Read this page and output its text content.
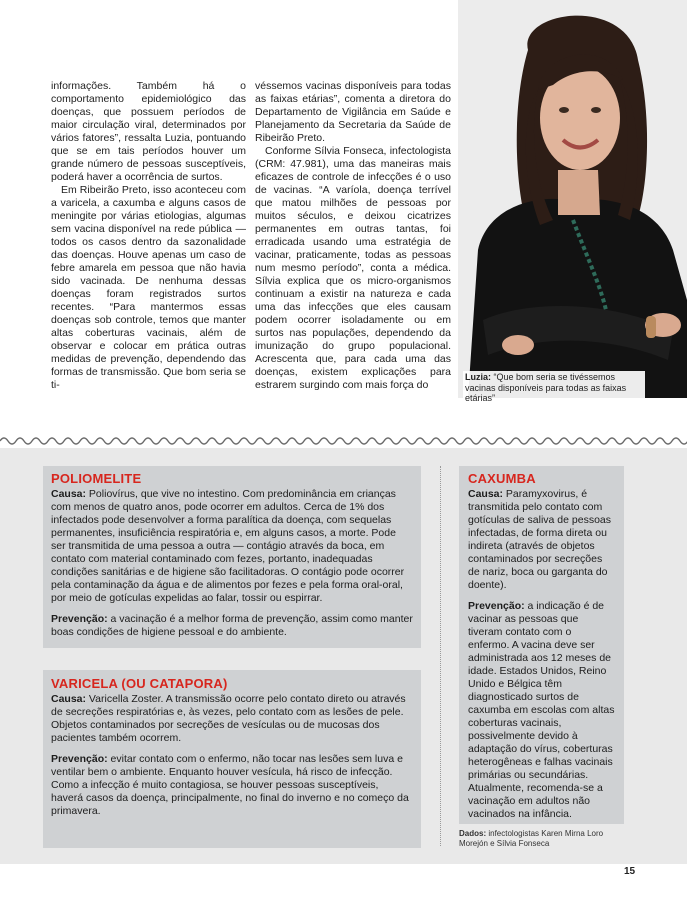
informações. Também há o comportamento epidemiológico das doenças, que possuem períodos de maior circulação viral, determinados por vários fatores”, ressalta Luzia, pontuando que se em tais períodos houver um grande número de pessoas susceptíveis, poderá haver a ocorrência de surtos.

Em Ribeirão Preto, isso aconteceu com a varicela, a caxumba e alguns casos de meningite por várias etiologias, algumas sem vacina disponível na rede pública — todos os casos dentro da sazonalidade das doenças. Houve apenas um caso de febre amarela em pessoa que não havia sido vacinada. De nenhuma dessas doenças foram registrados surtos recentes. “Para mantermos essas doenças sob controle, temos que manter altas coberturas vacinais, além de observar e colocar em prática outras medidas de prevenção, dependendo das formas de transmissão. Que bom seria se ti-

véssemos vacinas disponíveis para todas as faixas etárias”, comenta a diretora do Departamento de Vigilância em Saúde e Planejamento da Secretaria da Saúde de Ribeirão Preto.

Conforme Sílvia Fonseca, infectologista (CRM: 47.981), uma das maneiras mais eficazes de controle de infecções é o uso de vacinas. “A varíola, doença terrível que matou milhões de pessoas por muitos séculos, e deixou cicatrizes permanentes em outras tantas, foi erradicada usando uma estratégia de vacinar, praticamente, todas as pessoas num mesmo período”, conta a médica. Sílvia explica que os micro-organismos continuam a existir na natureza e cada uma das infecções que eles causam podem ocorrer isoladamente ou em surtos nas populações, dependendo da imunização do grupo populacional. Acrescenta que, para cada uma das doenças, existem explicações para estrarem surgindo com mais força do

Luzia: “Que bom seria se tivéssemos vacinas disponíveis para todas as faixas etárias”
POLIOMELITE

Causa: Poliovírus, que vive no intestino. Com predominância em crianças com menos de quatro anos, pode ocorrer em adultos. Cerca de 1% dos infectados pode desenvolver a forma paralítica da doença, com sequelas permanentes, insuficiência respiratória e, em alguns casos, a morte. Pode ser transmitida de uma pessoa a outra — contágio através da boca, em contato com material contaminado com fezes, portanto, inadequadas condições sanitárias e de higiene são facilitadoras. O contágio pode ocorrer pela contaminação da água e de alimentos por fezes e pela forma oral-oral, por meio de gotículas expelidas ao falar, tossir ou espirrar.

Prevenção: a vacinação é a melhor forma de prevenção, assim como manter boas condições de higiene pessoal e do ambiente.

VARICELA (OU CATAPORA)

Causa: Varicella Zoster. A transmissão ocorre pelo contato direto ou através de secreções respiratórias e, às vezes, pelo contato com as lesões de pele. Objetos contaminados por secreções de vesículas ou de mucosas dos pacientes também ocorrem.

Prevenção: evitar contato com o enfermo, não tocar nas lesões sem luva e ventilar bem o ambiente. Enquanto houver vesícula, há risco de infecção. Como a infecção é muito contagiosa, se houver pessoas susceptíveis, haverá casos da doença, principalmente, no final do inverno e no começo da primavera.

CAXUMBA

Causa: Paramyxovirus, é transmitida pelo contato com gotículas de saliva de pessoas infectadas, de forma direta ou indireta (através de objetos contaminados por secreções de nariz, boca ou garganta do doente).

Prevenção: a indicação é de vacinar as pessoas que tiveram contato com o enfermo. A vacina deve ser administrada aos 12 meses de idade. Estados Unidos, Reino Unido e Bélgica têm diagnosticado surtos de caxumba em escolas com altas coberturas vacinais, possivelmente devido à adaptação do vírus, coberturas heterogêneas e falhas vacinais primárias ou secundárias. Atualmente, recomenda-se a vacinação em adultos não vacinados na infância.

Dados: infectologistas Karen Mirna Loro Morejón e Sílvia Fonseca
15
